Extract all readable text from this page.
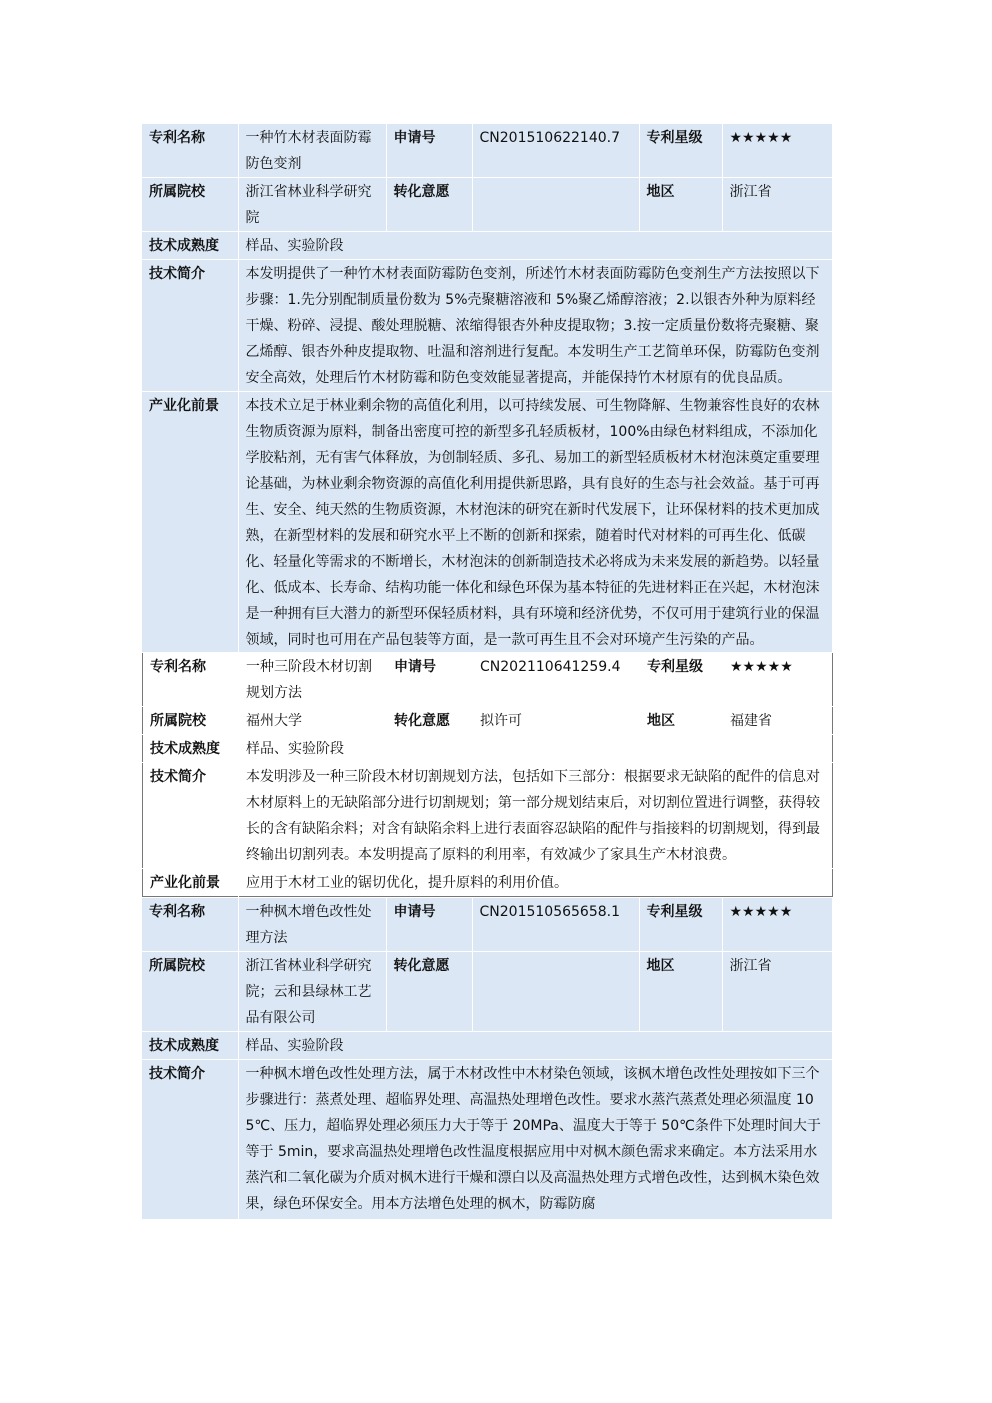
专利名称	一种竹木材表面防霉防色变剂	申请号	CN201510622140.7	专利星级	★★★★★
所属院校	浙江省林业科学研究院	转化意愿		地区	浙江省
技术成熟度	样品、实验阶段				
技术简介	本发明提供了一种竹木材表面防霉防色变剂，所述竹木材表面防霉防色变剂生产方法按照以下步骤：1.先分别配制质量份数为 5%壳聚糖溶液和 5%聚乙烯醇溶液；2.以银杏外种为原料经干燥、粉碎、浸提、酸处理脱糖、浓缩得银杏外种皮提取物；3.按一定质量份数将壳聚糖、聚乙烯醇、银杏外种皮提取物、吐温和溶剂进行复配。本发明生产工艺简单环保，防霉防色变剂安全高效，处理后竹木材防霉和防色变效能显著提高，并能保持竹木材原有的优良品质。				
产业化前景	本技术立足于林业剩余物的高值化利用，以可持续发展、可生物降解、生物兼容性良好的农林生物质资源为原料，制备出密度可控的新型多孔轻质板材，100%由绿色材料组成，不添加化学胶粘剂，无有害气体释放，为创制轻质、多孔、易加工的新型轻质板材木材泡沫奠定重要理论基础，为林业剩余物资源的高值化利用提供新思路，具有良好的生态与社会效益。基于可再生、安全、纯天然的生物质资源，木材泡沫的研究在新时代发展下，让环保材料的技术更加成熟，在新型材料的发展和研究水平上不断的创新和探索，随着时代对材料的可再生化、低碳化、轻量化等需求的不断增长，木材泡沫的创新制造技术必将成为未来发展的新趋势。以轻量化、低成本、长寿命、结构功能一体化和绿色环保为基本特征的先进材料正在兴起，木材泡沫是一种拥有巨大潜力的新型环保轻质材料，具有环境和经济优势，不仅可用于建筑行业的保温领域，同时也可用在产品包装等方面，是一款可再生且不会对环境产生污染的产品。				
专利名称	一种三阶段木材切割规划方法	申请号	CN202110641259.4	专利星级	★★★★★
所属院校	福州大学	转化意愿	拟许可	地区	福建省
技术成熟度	样品、实验阶段				
技术简介	本发明涉及一种三阶段木材切割规划方法，包括如下三部分：根据要求无缺陷的配件的信息对木材原料上的无缺陷部分进行切割规划；第一部分规划结束后，对切割位置进行调整，获得较长的含有缺陷余料；对含有缺陷余料上进行表面容忍缺陷的配件与指接料的切割规划，得到最终输出切割列表。本发明提高了原料的利用率，有效减少了家具生产木材浪费。				
产业化前景	应用于木材工业的锯切优化，提升原料的利用价值。				
专利名称	一种枫木增色改性处理方法	申请号	CN201510565658.1	专利星级	★★★★★
所属院校	浙江省林业科学研究院；云和县绿林工艺品有限公司	转化意愿		地区	浙江省
技术成熟度	样品、实验阶段				
技术简介	一种枫木增色改性处理方法，属于木材改性中木材染色领域，该枫木增色改性处理按如下三个步骤进行：蒸煮处理、超临界处理、高温热处理增色改性。要求水蒸汽蒸煮处理必须温度 105℃、压力，超临界处理必须压力大于等于 20MPa、温度大于等于 50℃条件下处理时间大于等于 5min，要求高温热处理增色改性温度根据应用中对枫木颜色需求来确定。本方法采用水蒸汽和二氧化碳为介质对枫木进行干燥和漂白以及高温热处理方式增色改性，达到枫木染色效果，绿色环保安全。用本方法增色处理的枫木，防霉防腐				
